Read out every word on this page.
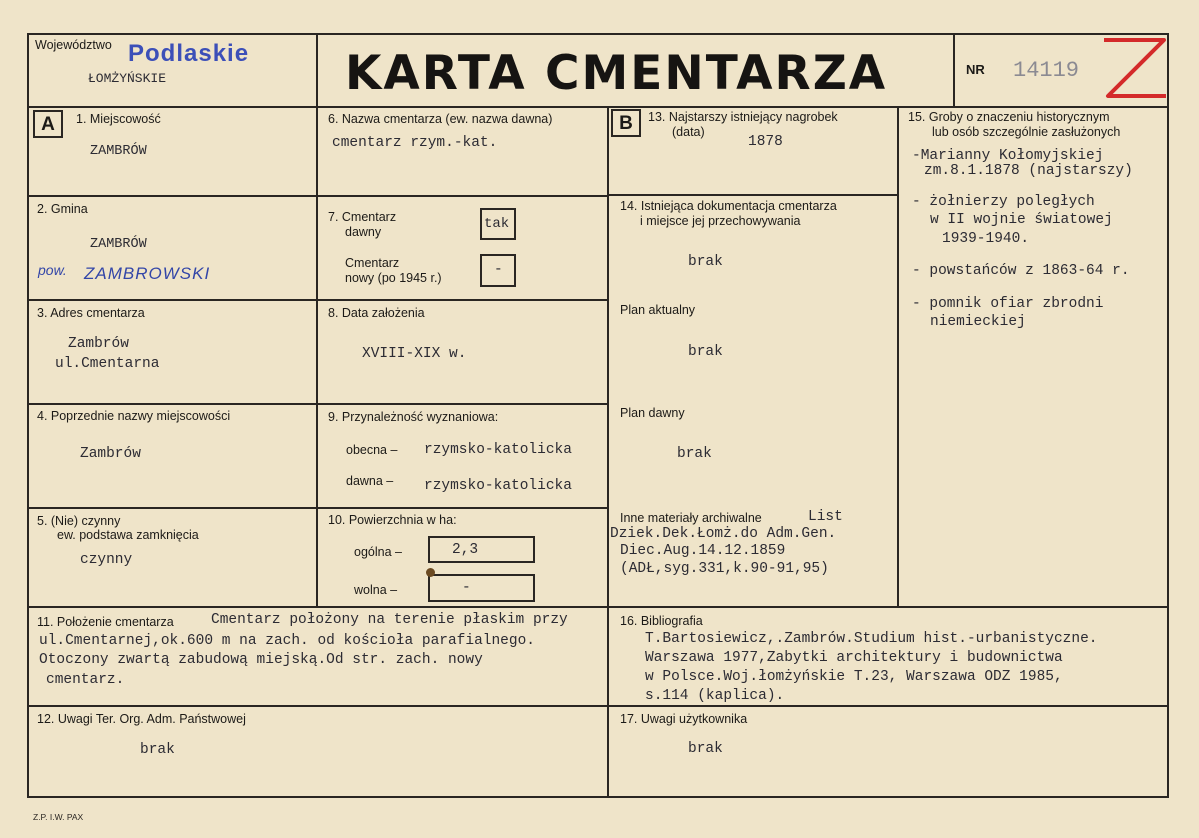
Województwo Podlaskie
ŁOMŻYŃSKIE	KARTA CMENTARZA	NR 14119
A	B
1. Miejscowość
ZAMBRÓW
2. Gmina
ZAMBRÓW
pow. ZAMBROWSKI
3. Adres cmentarza
Zambrów
ul.Cmentarna
4. Poprzednie nazwy miejscowości
Zambrów
5. (Nie) czynny
ew. podstawa zamknięcia
czynny
6. Nazwa cmentarza (ew. nazwa dawna)
cmentarz rzym.-kat.
7. Cmentarz
dawny	tak
Cmentarz
nowy (po 1945 r.)	-
8. Data założenia
XVIII-XIX w.
9. Przynależność wyznaniowa:
obecna – rzymsko-katolicka
dawna – rzymsko-katolicka
10. Powierzchnia w ha:
ogólna –	2,3
wolna –	-
11. Położenie cmentarza	Cmentarz położony na terenie płaskim przy
ul.Cmentarnej,ok.600 m na zach. od kościoła parafialnego.
Otoczony zwartą zabudową miejską.Od str. zach. nowy
cmentarz.
12. Uwagi Ter. Org. Adm. Państwowej
brak
13. Najstarszy istniejący nagrobek
(data)
1878
14. Istniejąca dokumentacja cmentarza
i miejsce jej przechowywania
brak
Plan aktualny
brak
Plan dawny
brak
Inne materiały archiwalne	List
Dziek.Dek.Łomż.do Adm.Gen.
Diec.Aug.14.12.1859
(ADŁ,syg.331,k.90-91,95)
15. Groby o znaczeniu historycznym
lub osób szczególnie zasłużonych
-Marianny Kołomyjskiej
zm.8.1.1878 (najstarszy)
- żołnierzy poległych
w II wojnie światowej
1939-1940.
- powstańców z 1863-64 r.
- pomnik ofiar zbrodni
niemieckiej
16. Bibliografia
T.Bartosiewicz,.Zambrów.Studium hist.-urbanistyczne.
Warszawa 1977,Zabytki architektury i budownictwa
w Polsce.Woj.łomżyńskie T.23, Warszawa ODZ 1985,
s.114 (kaplica).
17. Uwagi użytkownika
brak
Z.P. I.W. PAX
